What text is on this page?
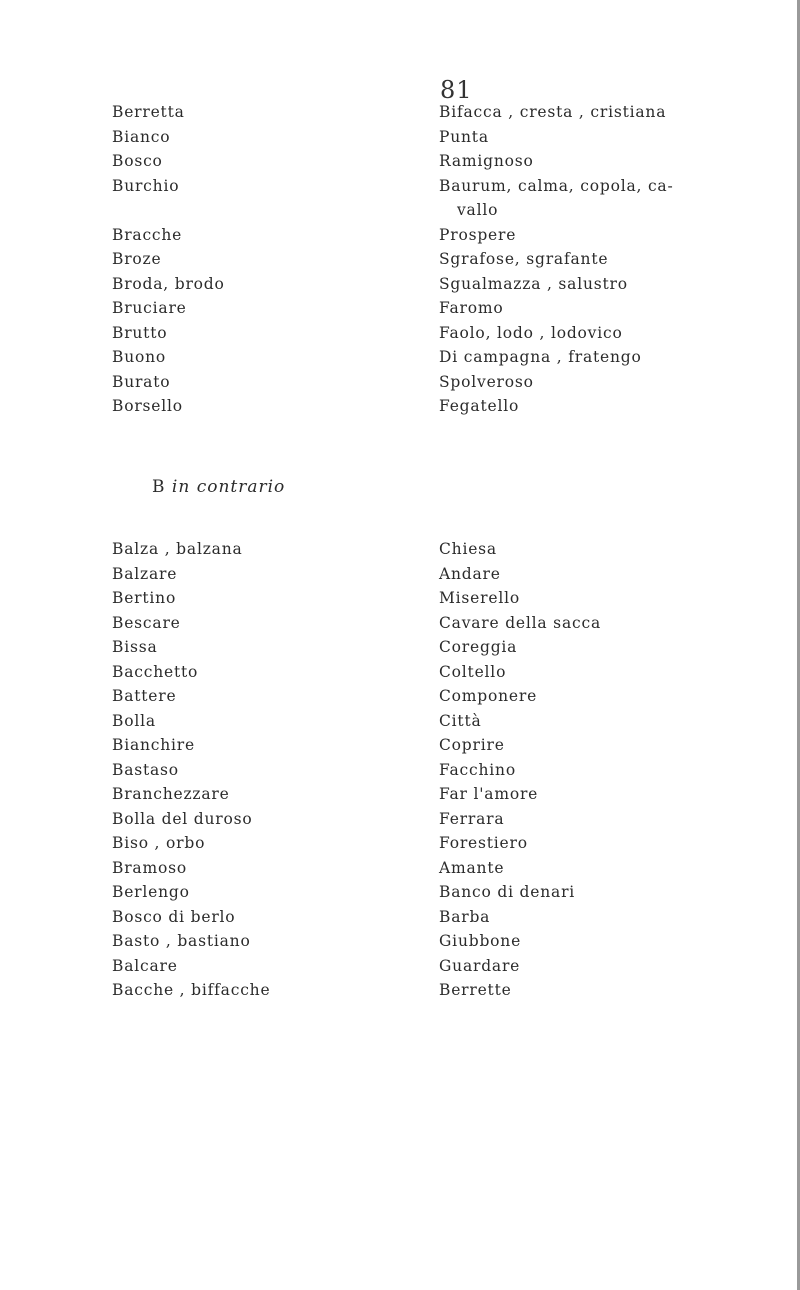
81
Berretta
Bianco
Bosco
Burchio
Bracche
Broze
Broda, brodo
Bruciare
Brutto
Buono
Burato
Borsello
Bifacca , cresta , cristiana
Punta
Ramignoso
Baurum, calma, copola, ca-
vallo
Prospere
Sgrafose, sgrafante
Sgualmazza , salustro
Faromo
Faolo, lodo , lodovico
Di campagna , fratengo
Spolveroso
Fegatello
B in contrario
Balza , balzana
Balzare
Bertino
Bescare
Bissa
Bacchetto
Battere
Bolla
Bianchire
Bastaso
Branchezzare
Bolla del duroso
Biso , orbo
Bramoso
Berlengo
Bosco di berlo
Basto , bastiano
Balcare
Bacche , biffacche
Chiesa
Andare
Miserello
Cavare della sacca
Coreggia
Coltello
Componere
Città
Coprire
Facchino
Far l'amore
Ferrara
Forestiero
Amante
Banco di denari
Barba
Giubbone
Guardare
Berrette
